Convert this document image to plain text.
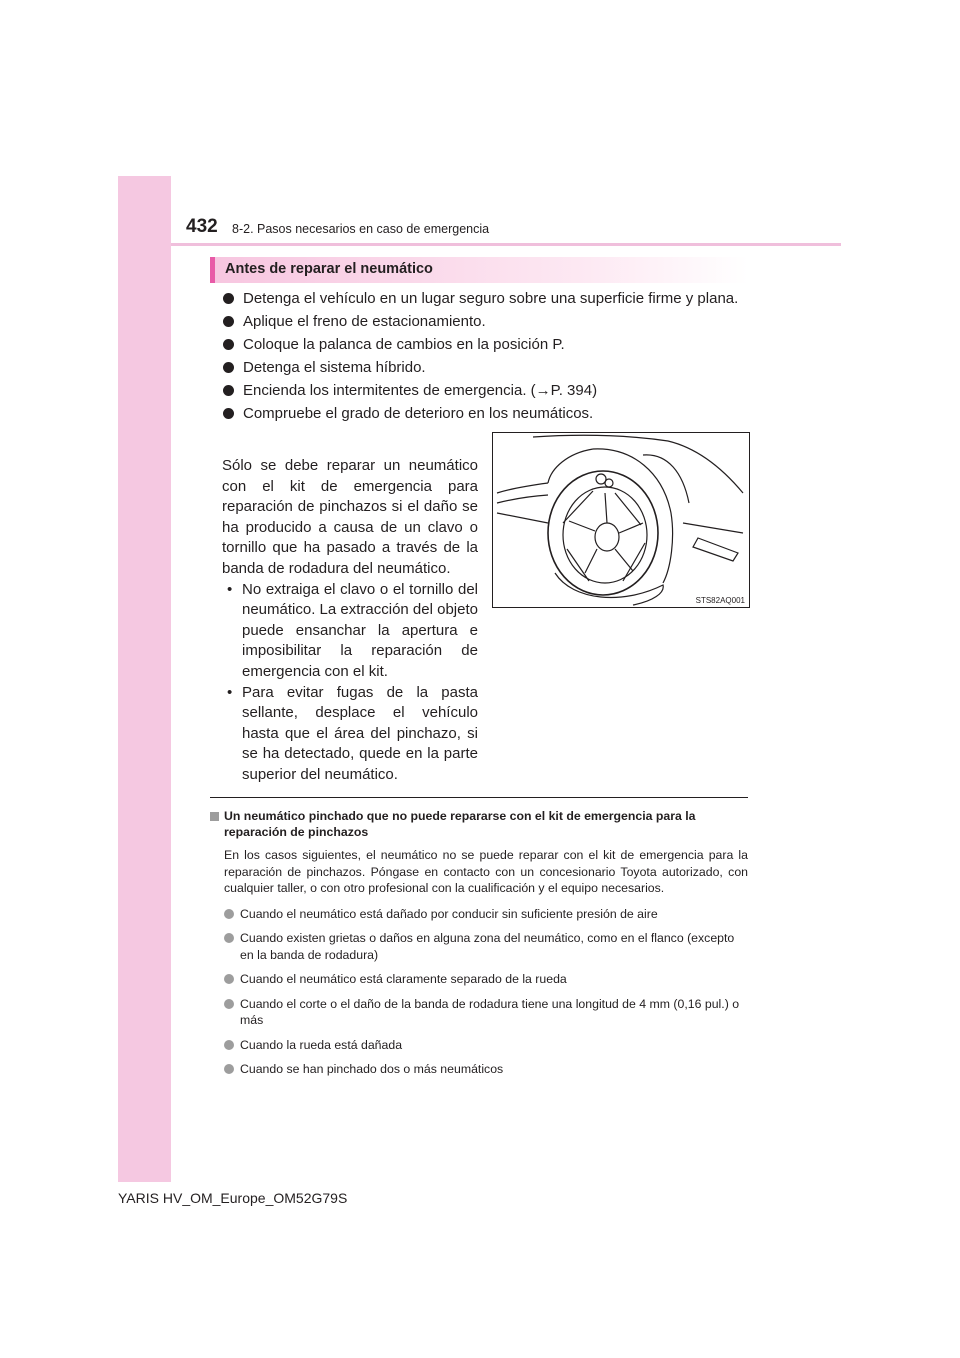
432 8-2. Pasos necesarios en caso de emergencia
Antes de reparar el neumático
Detenga el vehículo en un lugar seguro sobre una superficie firme y plana.
Aplique el freno de estacionamiento.
Coloque la palanca de cambios en la posición P.
Detenga el sistema híbrido.
Encienda los intermitentes de emergencia. (→P. 394)
Compruebe el grado de deterioro en los neumáticos.
Sólo se debe reparar un neumático con el kit de emergencia para reparación de pinchazos si el daño se ha producido a causa de un clavo o tornillo que ha pasado a través de la banda de rodadura del neumático.
• No extraiga el clavo o el tornillo del neumático. La extracción del objeto puede ensanchar la apertura e imposibilitar la reparación de emergencia con el kit.
• Para evitar fugas de la pasta sellante, desplace el vehículo hasta que el área del pinchazo, si se ha detectado, quede en la parte superior del neumático.
STS82AQ001
Un neumático pinchado que no puede repararse con el kit de emergencia para la reparación de pinchazos
En los casos siguientes, el neumático no se puede reparar con el kit de emergencia para la reparación de pinchazos. Póngase en contacto con un concesionario Toyota autorizado, con cualquier taller, o con otro profesional con la cualificación y el equipo necesarios.
Cuando el neumático está dañado por conducir sin suficiente presión de aire
Cuando existen grietas o daños en alguna zona del neumático, como en el flanco (excepto en la banda de rodadura)
Cuando el neumático está claramente separado de la rueda
Cuando el corte o el daño de la banda de rodadura tiene una longitud de 4 mm (0,16 pul.) o más
Cuando la rueda está dañada
Cuando se han pinchado dos o más neumáticos
YARIS HV_OM_Europe_OM52G79S
